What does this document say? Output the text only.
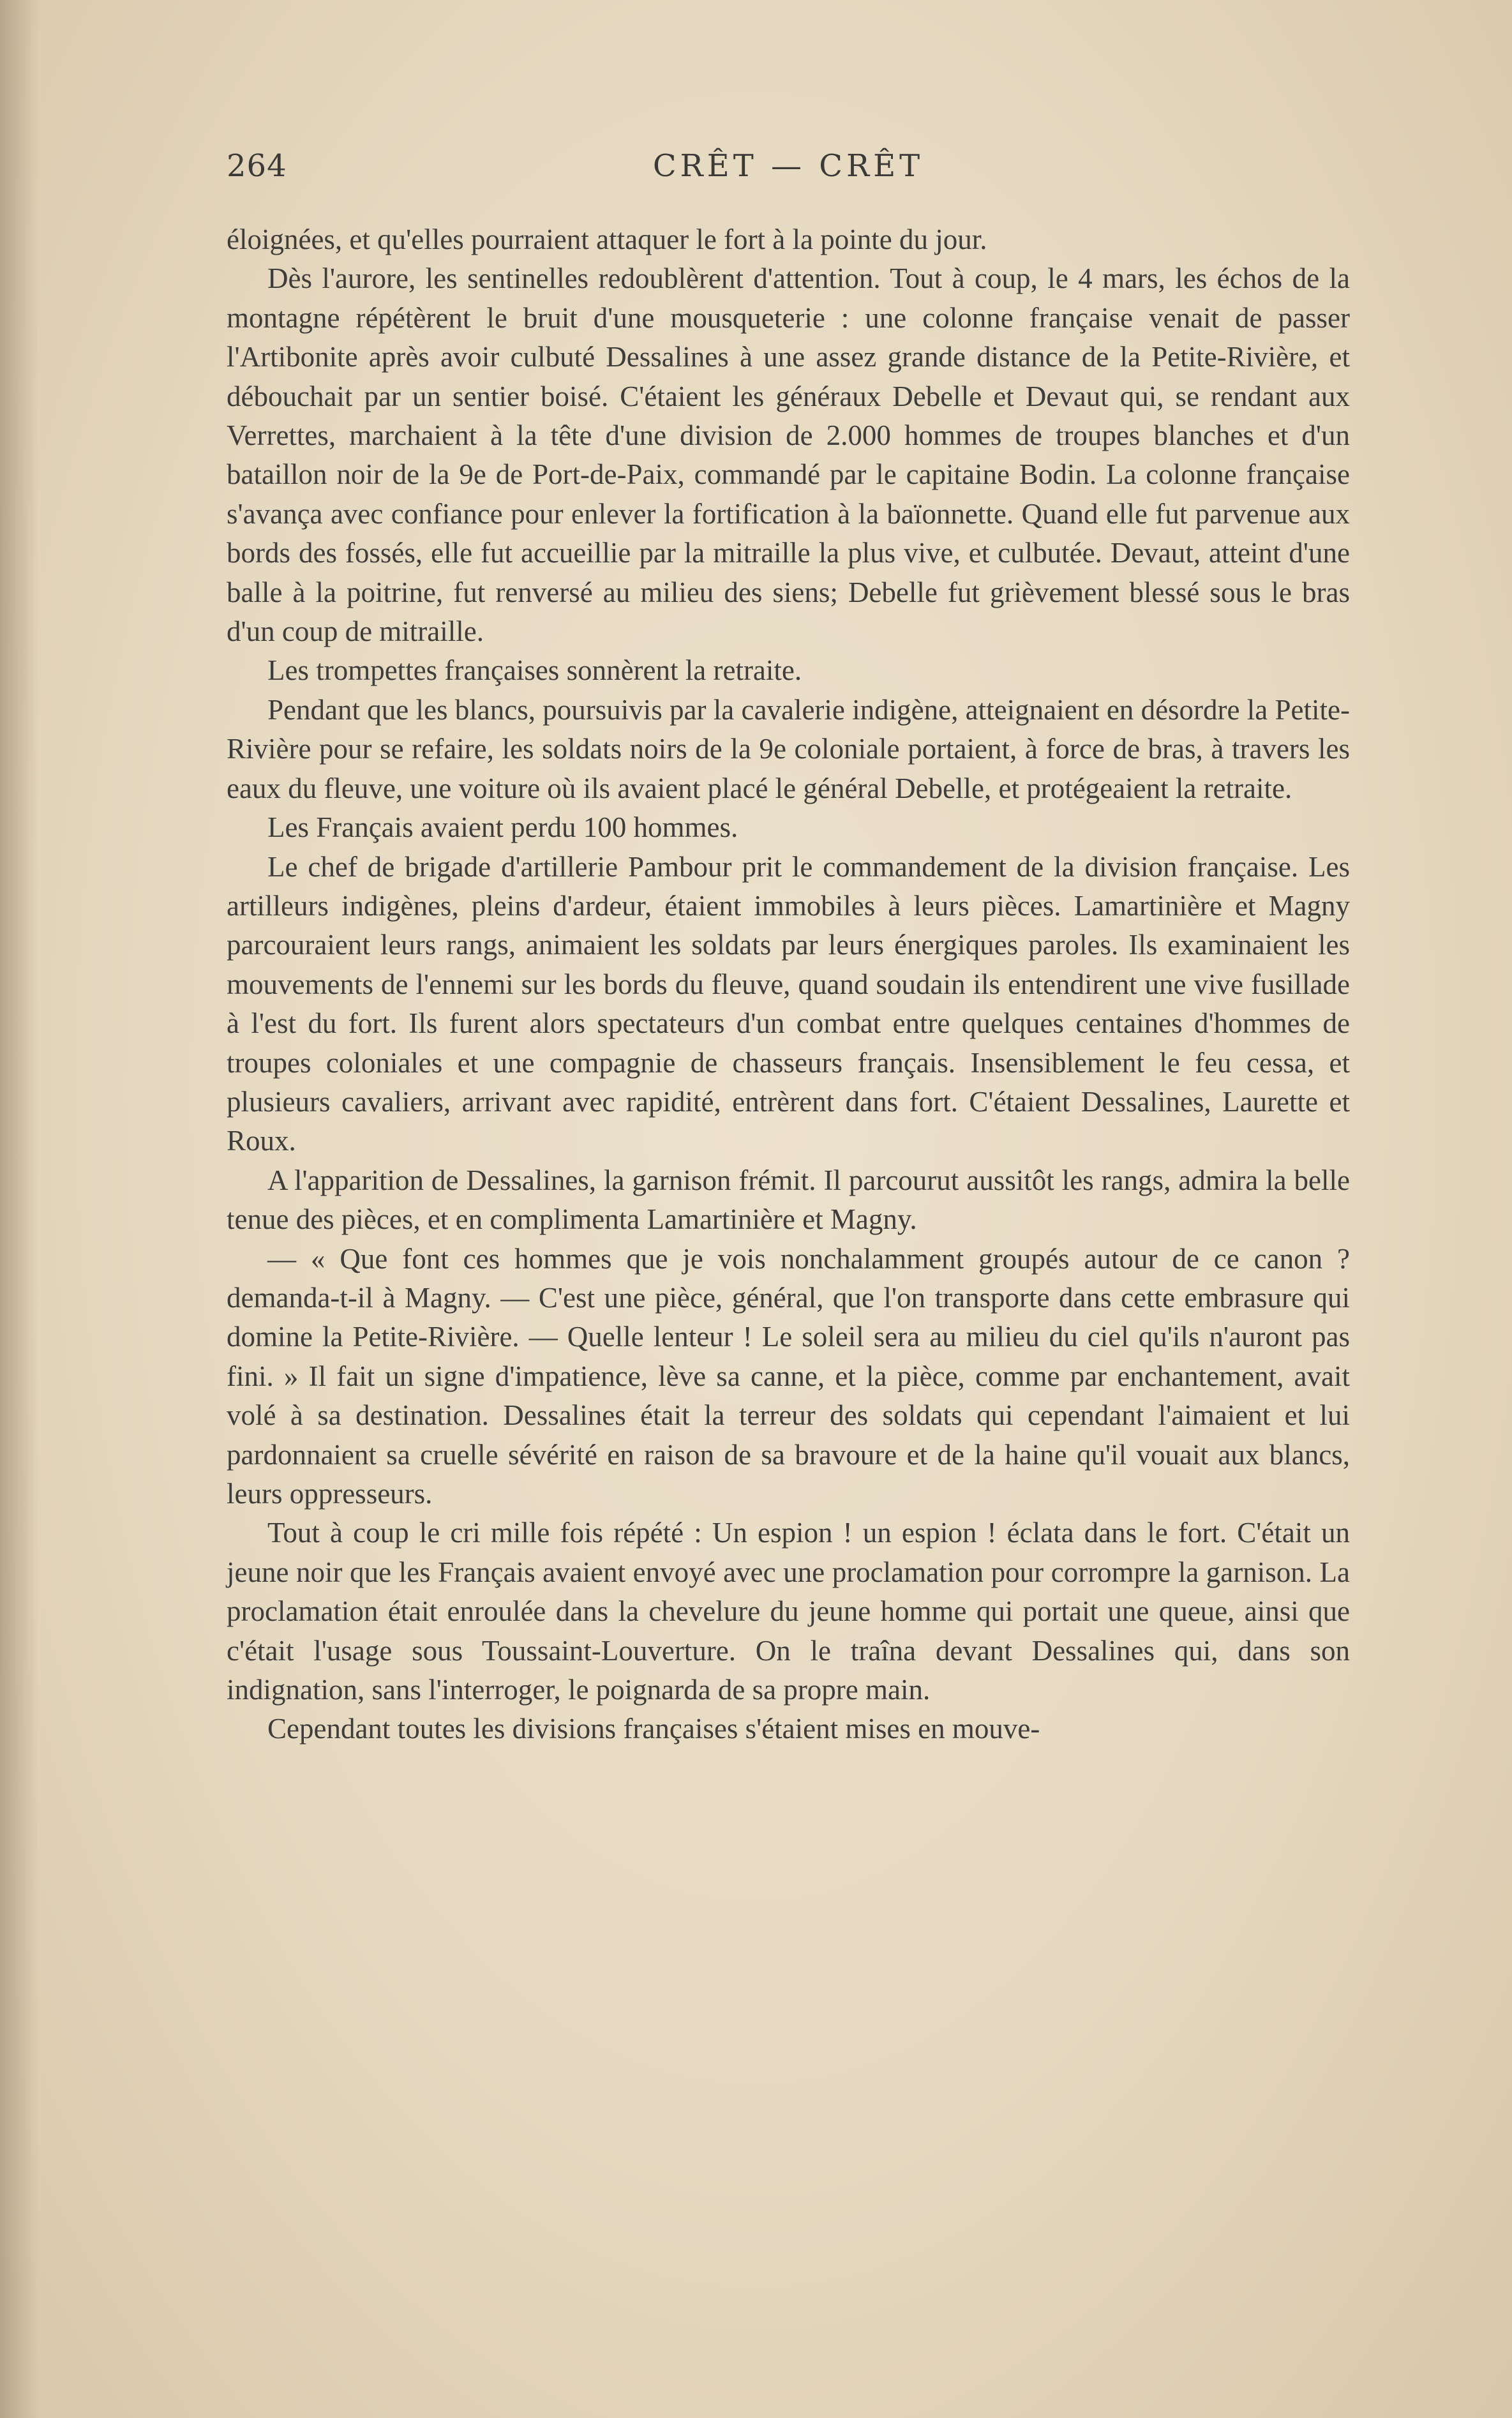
264	CRÊT — CRÊT

éloignées, et qu'elles pourraient attaquer le fort à la pointe du jour.

Dès l'aurore, les sentinelles redoublèrent d'attention. Tout à coup, le 4 mars, les échos de la montagne répétèrent le bruit d'une mousqueterie : une colonne française venait de passer l'Artibonite après avoir culbuté Dessalines à une assez grande distance de la Petite-Rivière, et débouchait par un sentier boisé. C'étaient les généraux Debelle et Devaut qui, se rendant aux Verrettes, marchaient à la tête d'une division de 2.000 hommes de troupes blanches et d'un bataillon noir de la 9e de Port-de-Paix, commandé par le capitaine Bodin. La colonne française s'avança avec confiance pour enlever la fortification à la baïonnette. Quand elle fut parvenue aux bords des fossés, elle fut accueillie par la mitraille la plus vive, et culbutée. Devaut, atteint d'une balle à la poitrine, fut renversé au milieu des siens; Debelle fut grièvement blessé sous le bras d'un coup de mitraille.

Les trompettes françaises sonnèrent la retraite.

Pendant que les blancs, poursuivis par la cavalerie indigène, atteignaient en désordre la Petite-Rivière pour se refaire, les soldats noirs de la 9e coloniale portaient, à force de bras, à travers les eaux du fleuve, une voiture où ils avaient placé le général Debelle, et protégeaient la retraite.

Les Français avaient perdu 100 hommes.

Le chef de brigade d'artillerie Pambour prit le commandement de la division française. Les artilleurs indigènes, pleins d'ardeur, étaient immobiles à leurs pièces. Lamartinière et Magny parcouraient leurs rangs, animaient les soldats par leurs énergiques paroles. Ils examinaient les mouvements de l'ennemi sur les bords du fleuve, quand soudain ils entendirent une vive fusillade à l'est du fort. Ils furent alors spectateurs d'un combat entre quelques centaines d'hommes de troupes coloniales et une compagnie de chasseurs français. Insensiblement le feu cessa, et plusieurs cavaliers, arrivant avec rapidité, entrèrent dans fort. C'étaient Dessalines, Laurette et Roux.

A l'apparition de Dessalines, la garnison frémit. Il parcourut aussitôt les rangs, admira la belle tenue des pièces, et en complimenta Lamartinière et Magny.

— « Que font ces hommes que je vois nonchalamment groupés autour de ce canon ? demanda-t-il à Magny. — C'est une pièce, général, que l'on transporte dans cette embrasure qui domine la Petite-Rivière. — Quelle lenteur ! Le soleil sera au milieu du ciel qu'ils n'auront pas fini. » Il fait un signe d'impatience, lève sa canne, et la pièce, comme par enchantement, avait volé à sa destination. Dessalines était la terreur des soldats qui cependant l'aimaient et lui pardonnaient sa cruelle sévérité en raison de sa bravoure et de la haine qu'il vouait aux blancs, leurs oppresseurs.

Tout à coup le cri mille fois répété : Un espion ! un espion ! éclata dans le fort. C'était un jeune noir que les Français avaient envoyé avec une proclamation pour corrompre la garnison. La proclamation était enroulée dans la chevelure du jeune homme qui portait une queue, ainsi que c'était l'usage sous Toussaint-Louverture. On le traîna devant Dessalines qui, dans son indignation, sans l'interroger, le poignarda de sa propre main.

Cependant toutes les divisions françaises s'étaient mises en mouve-
